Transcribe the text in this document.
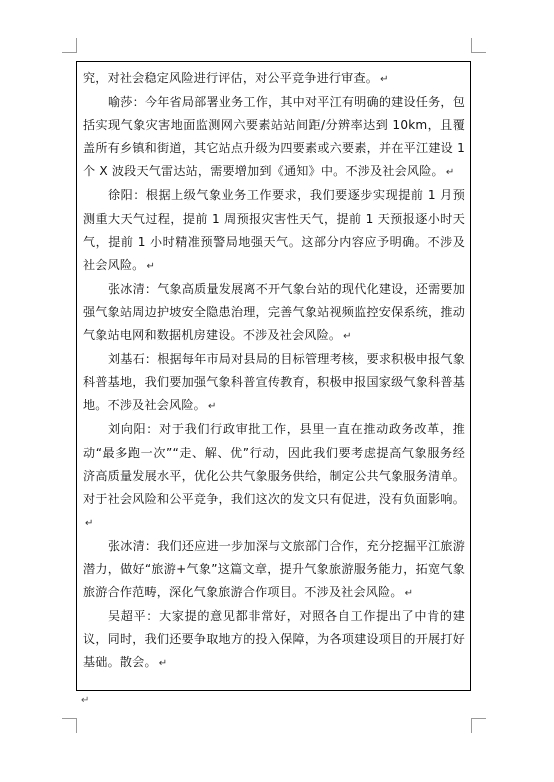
究，对社会稳定风险进行评估，对公平竞争进行审查。 ↵

喻莎：今年省局部署业务工作，其中对平江有明确的建设任务，包括实现气象灾害地面监测网六要素站站间距/分辨率达到 10km，且覆盖所有乡镇和街道，其它站点升级为四要素或六要素，并在平江建设 1 个 X 波段天气雷达站，需要增加到《通知》中。不涉及社会风险。 ↵

徐阳：根据上级气象业务工作要求，我们要逐步实现提前 1 月预测重大天气过程，提前 1 周预报灾害性天气，提前 1 天预报逐小时天气，提前 1 小时精准预警局地强天气。这部分内容应予明确。不涉及社会风险。 ↵

张冰清：气象高质量发展离不开气象台站的现代化建设，还需要加强气象站周边护坡安全隐患治理，完善气象站视频监控安保系统，推动气象站电网和数据机房建设。不涉及社会风险。 ↵

刘基石：根据每年市局对县局的目标管理考核，要求积极申报气象科普基地，我们要加强气象科普宣传教育，积极申报国家级气象科普基地。不涉及社会风险。 ↵

刘向阳：对于我们行政审批工作，县里一直在推动政务改革，推动“最多跑一次”“走、解、优”行动，因此我们要考虑提高气象服务经济高质量发展水平，优化公共气象服务供给，制定公共气象服务清单。对于社会风险和公平竞争，我们这次的发文只有促进，没有负面影响。↵

张冰清：我们还应进一步加深与文旅部门合作，充分挖掘平江旅游潜力，做好“旅游+气象”这篇文章，提升气象旅游服务能力，拓宽气象旅游合作范畴，深化气象旅游合作项目。不涉及社会风险。 ↵

吴超平：大家提的意见都非常好，对照各自工作提出了中肯的建议，同时，我们还要争取地方的投入保障，为各项建设项目的开展打好基础。散会。 ↵

↵
